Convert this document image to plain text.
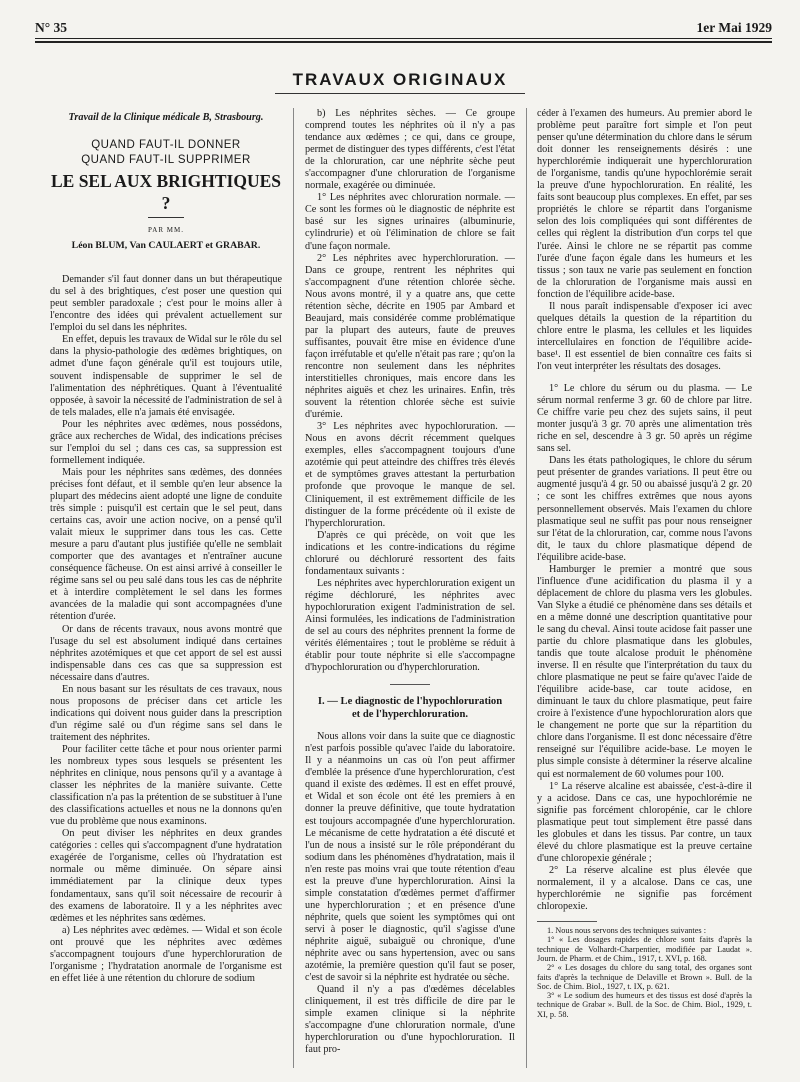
N° 35	1er Mai 1929
TRAVAUX ORIGINAUX
Travail de la Clinique médicale B, Strasbourg.
QUAND FAUT-IL DONNER
QUAND FAUT-IL SUPPRIMER
LE SEL AUX BRIGHTIQUES ?
PAR MM.
Léon BLUM, Van CAULAERT et GRABAR.

Demander s'il faut donner dans un but thérapeutique du sel à des brightiques, c'est poser une question qui peut sembler paradoxale ; c'est pour le moins aller à l'encontre des idées qui prévalent actuellement sur l'emploi du sel dans les néphrites.

En effet, depuis les travaux de Widal sur le rôle du sel dans la physio-pathologie des œdèmes brightiques, on admet d'une façon générale qu'il est toujours utile, souvent indispensable de supprimer le sel de l'alimentation des néphrétiques. Quant à l'éventualité opposée, à savoir la nécessité de l'administration de sel à de tels malades, elle n'a jamais été envisagée.

Pour les néphrites avec œdèmes, nous possédons, grâce aux recherches de Widal, des indications précises sur l'emploi du sel ; dans ces cas, sa suppression est formellement indiquée.

Mais pour les néphrites sans œdèmes, des données précises font défaut, et il semble qu'en leur absence la plupart des médecins aient adopté une ligne de conduite très simple : puisqu'il est certain que le sel peut, dans certains cas, avoir une action nocive, on a pensé qu'il valait mieux le supprimer dans tous les cas. Cette mesure a paru d'autant plus justifiée qu'elle ne semblait comporter que des avantages et n'entraîner aucune conséquence fâcheuse. On est ainsi arrivé à conseiller le régime sans sel ou peu salé dans tous les cas de néphrite et à interdire complètement le sel dans les formes avancées de la maladie qui sont accompagnées d'une rétention d'urée.

Or dans de récents travaux, nous avons montré que l'usage du sel est absolument indiqué dans certaines néphrites azotémiques et que cet apport de sel est aussi indispensable dans ces cas que sa suppression est nécessaire dans d'autres.

En nous basant sur les résultats de ces travaux, nous nous proposons de préciser dans cet article les indications qui doivent nous guider dans la prescription d'un régime salé ou d'un régime sans sel dans le traitement des néphrites.

Pour faciliter cette tâche et pour nous orienter parmi les nombreux types sous lesquels se présentent les néphrites en clinique, nous pensons qu'il y a avantage à classer les néphrites de la manière suivante. Cette classification n'a pas la prétention de se substituer à l'une des classifications actuelles et nous ne la donnons qu'en vue du problème que nous examinons.

On peut diviser les néphrites en deux grandes catégories : celles qui s'accompagnent d'une hydratation exagérée de l'organisme, celles où l'hydratation est normale ou même diminuée. On sépare ainsi immédiatement par la clinique deux types fondamentaux, sans qu'il soit nécessaire de recourir à des examens de laboratoire. Il y a les néphrites avec œdèmes et les néphrites sans œdèmes.

a) Les néphrites avec œdèmes. — Widal et son école ont prouvé que les néphrites avec œdèmes s'accompagnent toujours d'une hyperchloruration de l'organisme ; l'hydratation anormale de l'organisme est en effet liée à une rétention du chlorure de sodium

b) Les néphrites sèches. — Ce groupe comprend toutes les néphrites où il n'y a pas tendance aux œdèmes ; ce qui, dans ce groupe, permet de distinguer des types différents, c'est l'état de la chloruration, car une néphrite sèche peut s'accompagner d'une chloruration de l'organisme normale, exagérée ou diminuée.

1° Les néphrites avec chloruration normale. — Ce sont les formes où le diagnostic de néphrite est basé sur les signes urinaires (albuminurie, cylindrurie) et où l'élimination de chlore se fait d'une façon normale.

2° Les néphrites avec hyperchloruration. — Dans ce groupe, rentrent les néphrites qui s'accompagnent d'une rétention chlorée sèche. Nous avons montré, il y a quatre ans, que cette rétention sèche, décrite en 1905 par Ambard et Beaujard, mais considérée comme problématique par la plupart des auteurs, faute de preuves suffisantes, pouvait être mise en évidence d'une façon irréfutable et qu'elle n'était pas rare ; qu'on la rencontre non seulement dans les néphrites interstitielles chroniques, mais encore dans les néphrites aiguës et chez les urinaires. Enfin, très souvent la rétention chlorée sèche est suivie d'urémie.

3° Les néphrites avec hypochloruration. — Nous en avons décrit récemment quelques exemples, elles s'accompagnent toujours d'une azotémie qui peut atteindre des chiffres très élevés et de symptômes graves attestant la perturbation profonde que provoque le manque de sel. Cliniquement, il est extrêmement difficile de les distinguer de la forme précédente où il existe de l'hyperchloruration.

D'après ce qui précède, on voit que les indications et les contre-indications du régime chloruré ou déchloruré ressortent des faits fondamentaux suivants :

Les néphrites avec hyperchloruration exigent un régime déchloruré, les néphrites avec hypochloruration exigent l'administration de sel. Ainsi formulées, les indications de l'administration de sel au cours des néphrites prennent la forme de vérités élémentaires ; tout le problème se réduit à établir pour toute néphrite si elle s'accompagne d'hypochloruration ou d'hyperchloruration.

I. — Le diagnostic de l'hypochloruration
et de l'hyperchloruration.

Nous allons voir dans la suite que ce diagnostic n'est parfois possible qu'avec l'aide du laboratoire. Il y a néanmoins un cas où l'on peut affirmer d'emblée la présence d'une hyperchloruration, c'est quand il existe des œdèmes. Il est en effet prouvé, et Widal et son école ont été les premiers à en donner la preuve définitive, que toute hydratation est toujours accompagnée d'une hyperchloruration. Le mécanisme de cette hydratation a été discuté et l'un de nous a insisté sur le rôle prépondérant du sodium dans les phénomènes d'hydratation, mais il n'en reste pas moins vrai que toute rétention d'eau est la preuve d'une hyperchloruration. Ainsi la simple constatation d'œdèmes permet d'affirmer une hyperchloruration ; et en présence d'une néphrite, quels que soient les symptômes qui ont servi à poser le diagnostic, qu'il s'agisse d'une néphrite aiguë, subaiguë ou chronique, d'une néphrite avec ou sans hypertension, avec ou sans azotémie, la première question qu'il faut se poser, c'est de savoir si la néphrite est hydratée ou sèche.

Quand il n'y a pas d'œdèmes décelables cliniquement, il est très difficile de dire par le simple examen clinique si la néphrite s'accompagne d'une chloruration normale, d'une hyperchloruration ou d'une hypochloruration. Il faut pro-

céder à l'examen des humeurs. Au premier abord le problème peut paraître fort simple et l'on peut penser qu'une détermination du chlore dans le sérum doit donner les renseignements désirés : une hyperchlorémie indiquerait une hyperchloruration de l'organisme, tandis qu'une hypochlorémie serait la preuve d'une hypochloruration. En réalité, les faits sont beaucoup plus complexes. En effet, par ses propriétés le chlore se répartit dans l'organisme selon des lois compliquées qui sont différentes de celles qui règlent la distribution d'un corps tel que l'urée. Ainsi le chlore ne se répartit pas comme l'urée d'une façon égale dans les humeurs et les tissus ; son taux ne varie pas seulement en fonction de la chloruration de l'organisme mais aussi en fonction de l'équilibre acide-base.

Il nous paraît indispensable d'exposer ici avec quelques détails la question de la répartition du chlore entre le plasma, les cellules et les liquides intercellulaires en fonction de l'équilibre acide-base¹. Il est essentiel de bien connaître ces faits si l'on veut interpréter les résultats des dosages.

1° Le chlore du sérum ou du plasma. — Le sérum normal renferme 3 gr. 60 de chlore par litre. Ce chiffre varie peu chez des sujets sains, il peut monter jusqu'à 3 gr. 70 après une alimentation très riche en sel, descendre à 3 gr. 50 après un régime sans sel.

Dans les états pathologiques, le chlore du sérum peut présenter de grandes variations. Il peut être ou augmenté jusqu'à 4 gr. 50 ou abaissé jusqu'à 2 gr. 20 ; ce sont les chiffres extrêmes que nous ayons personnellement observés. Mais l'examen du chlore plasmatique seul ne suffit pas pour nous renseigner sur l'état de la chloruration, car, comme nous l'avons dit, le taux du chlore plasmatique dépend de l'équilibre acide-base.

Hamburger le premier a montré que sous l'influence d'une acidification du plasma il y a déplacement de chlore du plasma vers les globules. Van Slyke a étudié ce phénomène dans ses détails et en a même donné une description quantitative pour le sang du cheval. Ainsi toute acidose fait passer une partie du chlore plasmatique dans les globules, tandis que toute alcalose produit le phénomène inverse. Il en résulte que l'interprétation du taux du chlore plasmatique ne peut se faire qu'avec l'aide de l'équilibre acide-base, car toute acidose, en diminuant le taux du chlore plasmatique, peut faire croire à l'existence d'une hypochloruration alors que le changement ne porte que sur la répartition du chlore dans l'organisme. Il est donc nécessaire d'être renseigné sur l'équilibre acide-base. Le moyen le plus simple consiste à déterminer la réserve alcaline qui est normalement de 60 volumes pour 100.

1° La réserve alcaline est abaissée, c'est-à-dire il y a acidose. Dans ce cas, une hypochlorémie ne signifie pas forcément chloropénie, car le chlore plasmatique peut tout simplement être passé dans les globules et dans les tissus. Par contre, un taux élevé du chlore plasmatique est la preuve certaine d'une chloropexie générale ;

2° La réserve alcaline est plus élevée que normalement, il y a alcalose. Dans ce cas, une hyperchlorémie ne signifie pas forcément chloropexie.

1. Nous nous servons des techniques suivantes :

1° « Les dosages rapides de chlore sont faits d'après la technique de Volhardt-Charpentier, modifiée par Laudat ». Journ. de Pharm. et de Chim., 1917, t. XVI, p. 168.

2° « Les dosages du chlore du sang total, des organes sont faits d'après la technique de Delaville et Brown ». Bull. de la Soc. de Chim. Biol., 1927, t. IX, p. 621.

3° « Le sodium des humeurs et des tissus est dosé d'après la technique de Grabar ». Bull. de la Soc. de Chim. Biol., 1929, t. XI, p. 58.
